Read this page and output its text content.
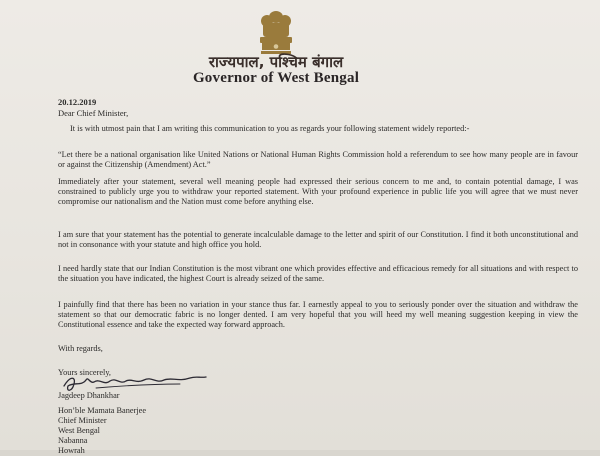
राज्यपाल, पश्चिम बंगाल
Governor of West Bengal
20.12.2019
Dear Chief Minister,
It is with utmost pain that I am writing this communication to you as regards your following statement widely reported:-
“Let there be a national organisation like United Nations or National Human Rights Commission hold a referendum to see how many people are in favour or against the Citizenship (Amendment) Act.”
Immediately after your statement, several well meaning people had expressed their serious concern to me and, to contain potential damage, I was constrained to publicly urge you to withdraw your reported statement. With your profound experience in public life you will agree that we must never compromise our nationalism and the Nation must come before anything else.
I am sure that your statement has the potential to generate incalculable damage to the letter and spirit of our Constitution. I find it both unconstitutional and not in consonance with your statute and high office you hold.
I need hardly state that our Indian Constitution is the most vibrant one which provides effective and efficacious remedy for all situations and with respect to the situation you have indicated, the highest Court is already seized of the same.
I painfully find that there has been no variation in your stance thus far. I earnestly appeal to you to seriously ponder over the situation and withdraw the statement so that our democratic fabric is no longer dented. I am very hopeful that you will heed my well meaning suggestion keeping in view the Constitutional essence and take the expected way forward approach.
With regards,
Yours sincerely,
Jagdeep Dhankhar
Hon’ble Mamata Banerjee
Chief Minister
West Bengal
Nabanna
Howrah
